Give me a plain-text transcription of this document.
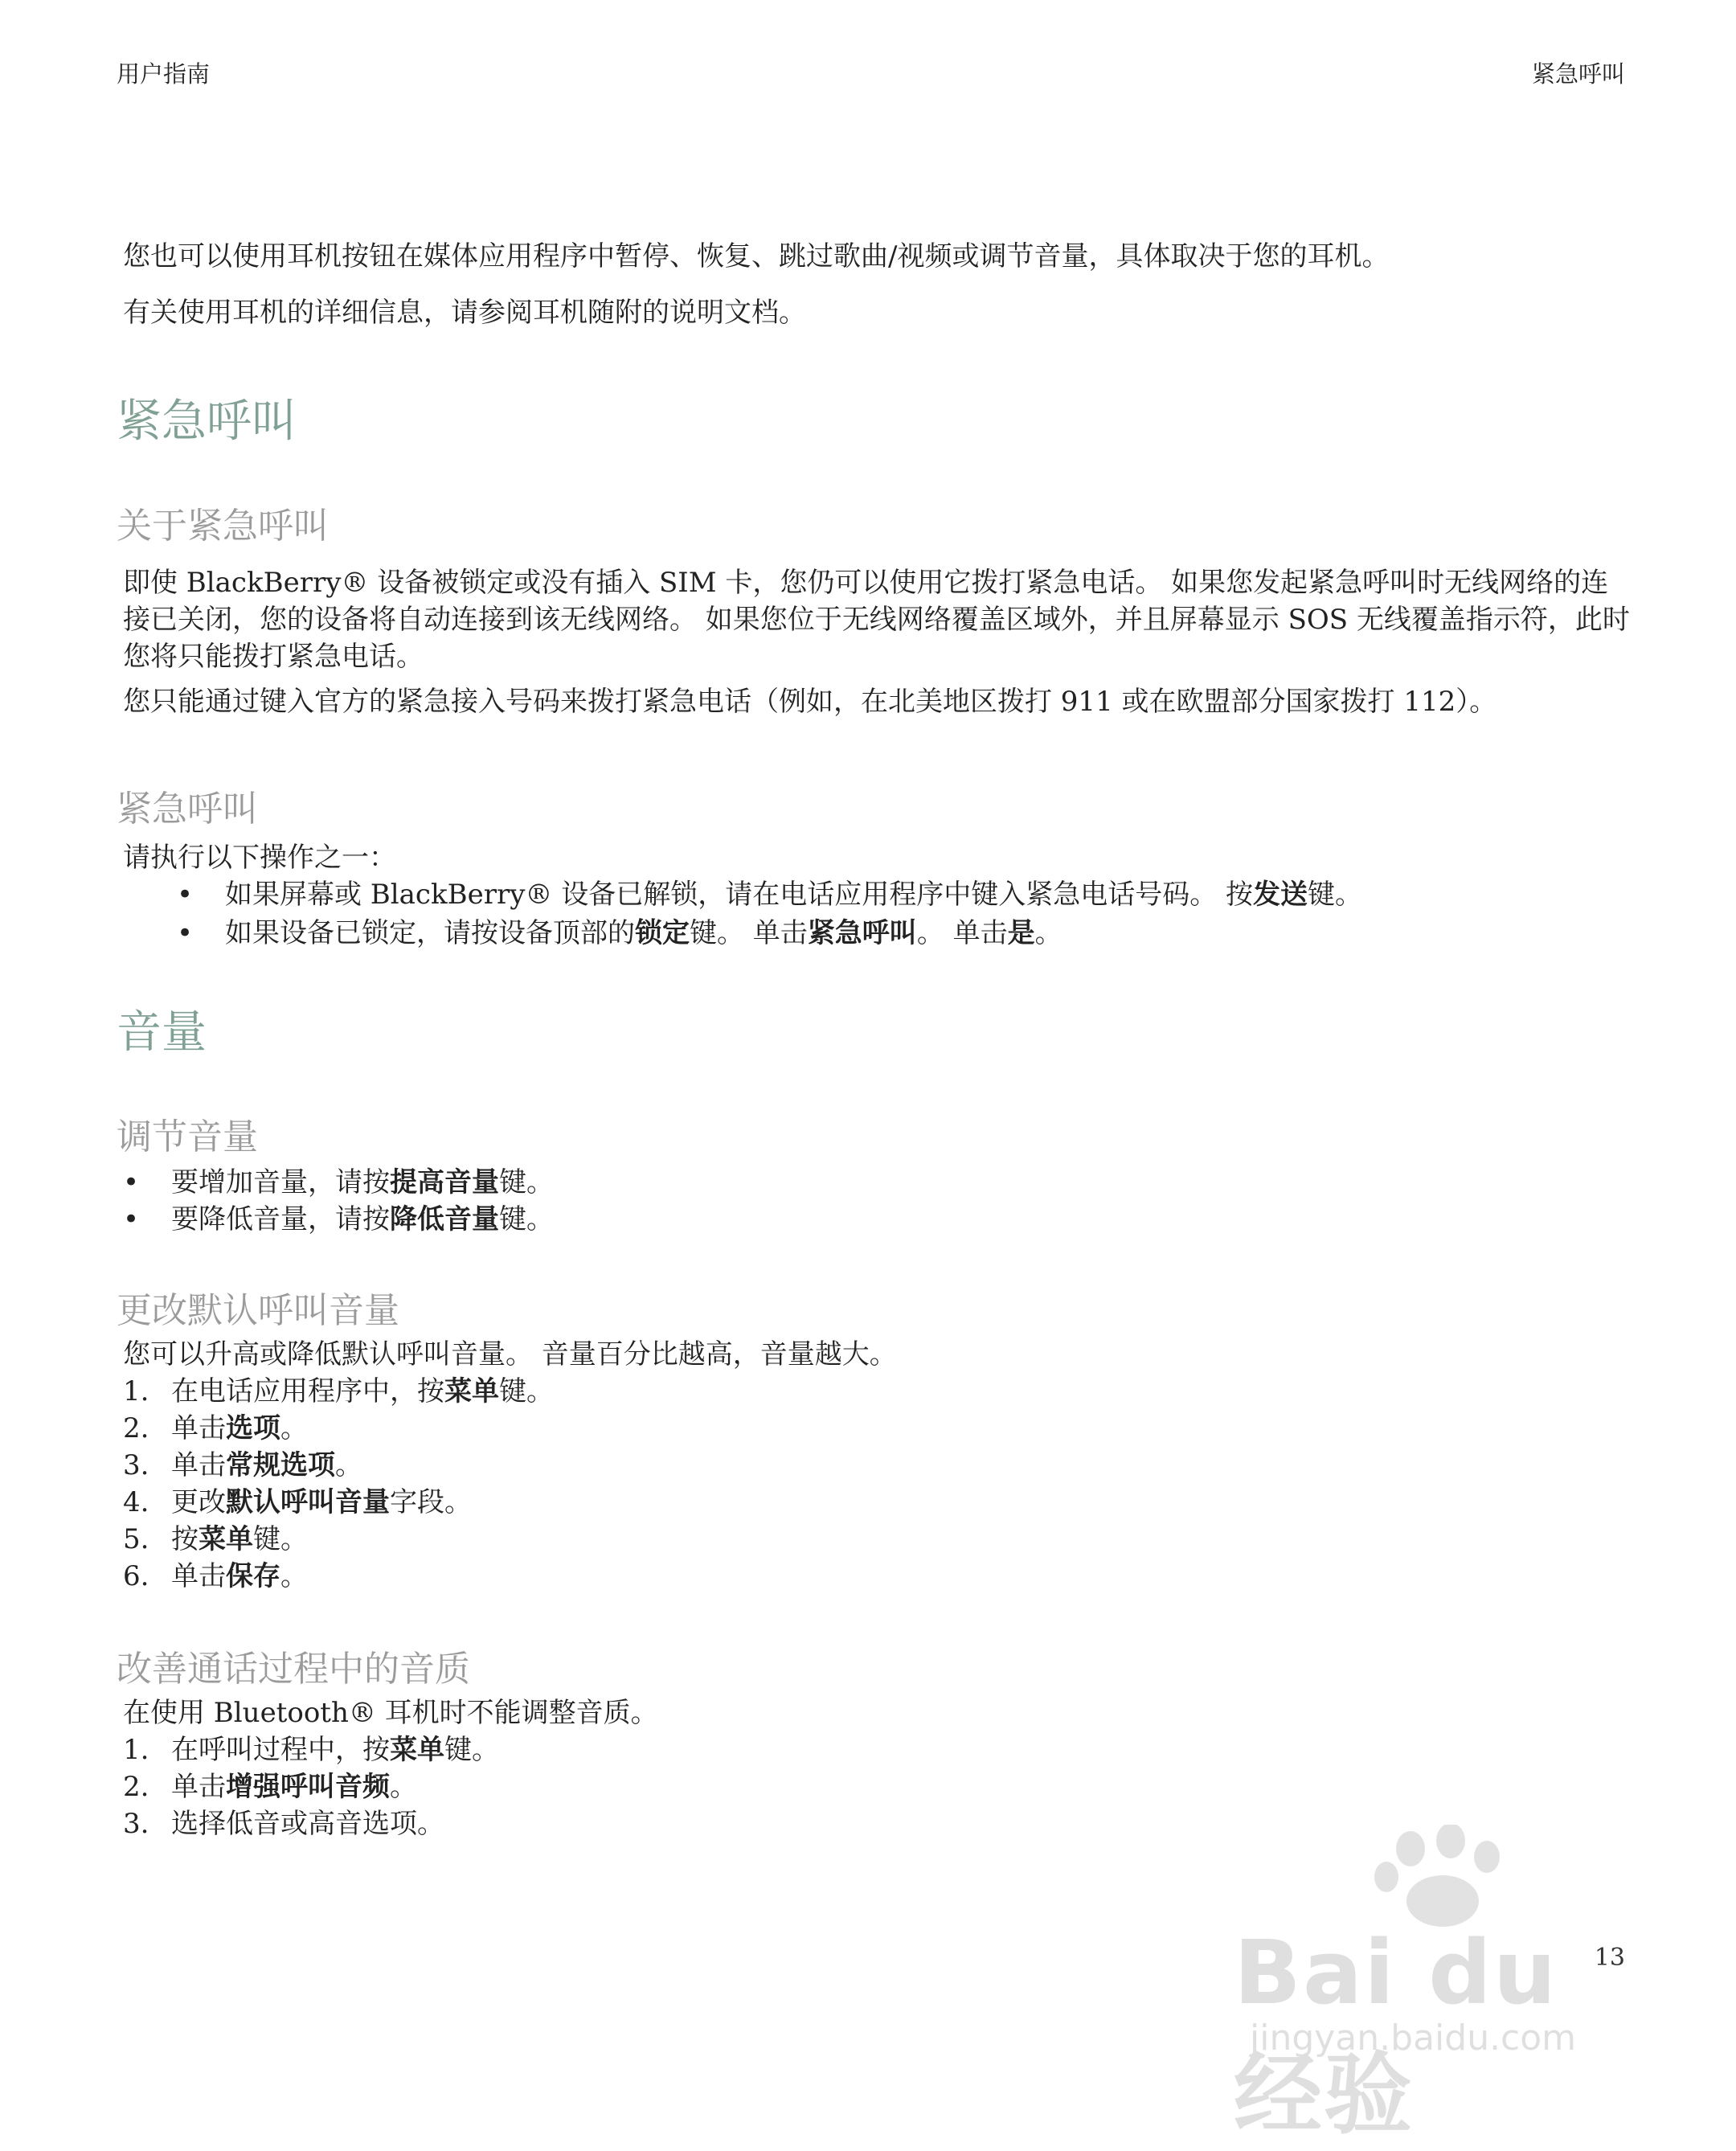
用户指南	紧急呼叫
您也可以使用耳机按钮在媒体应用程序中暂停、恢复、跳过歌曲/视频或调节音量，具体取决于您的耳机。
有关使用耳机的详细信息，请参阅耳机随附的说明文档。
紧急呼叫
关于紧急呼叫
即使 BlackBerry® 设备被锁定或没有插入 SIM 卡，您仍可以使用它拨打紧急电话。 如果您发起紧急呼叫时无线网络的连接已关闭，您的设备将自动连接到该无线网络。 如果您位于无线网络覆盖区域外，并且屏幕显示 SOS 无线覆盖指示符，此时您将只能拨打紧急电话。
您只能通过键入官方的紧急接入号码来拨打紧急电话（例如，在北美地区拨打 911 或在欧盟部分国家拨打 112）。
紧急呼叫
请执行以下操作之一：
• 如果屏幕或 BlackBerry® 设备已解锁，请在电话应用程序中键入紧急电话号码。 按发送键。
• 如果设备已锁定，请按设备顶部的锁定键。 单击紧急呼叫。 单击是。
音量
调节音量
• 要增加音量，请按提高音量键。
• 要降低音量，请按降低音量键。
更改默认呼叫音量
您可以升高或降低默认呼叫音量。 音量百分比越高，音量越大。
1. 在电话应用程序中，按菜单键。
2. 单击选项。
3. 单击常规选项。
4. 更改默认呼叫音量字段。
5. 按菜单键。
6. 单击保存。
改善通话过程中的音质
在使用 Bluetooth® 耳机时不能调整音质。
1. 在呼叫过程中，按菜单键。
2. 单击增强呼叫音频。
3. 选择低音或高音选项。
13
Bai du 经验
jingyan.baidu.com
